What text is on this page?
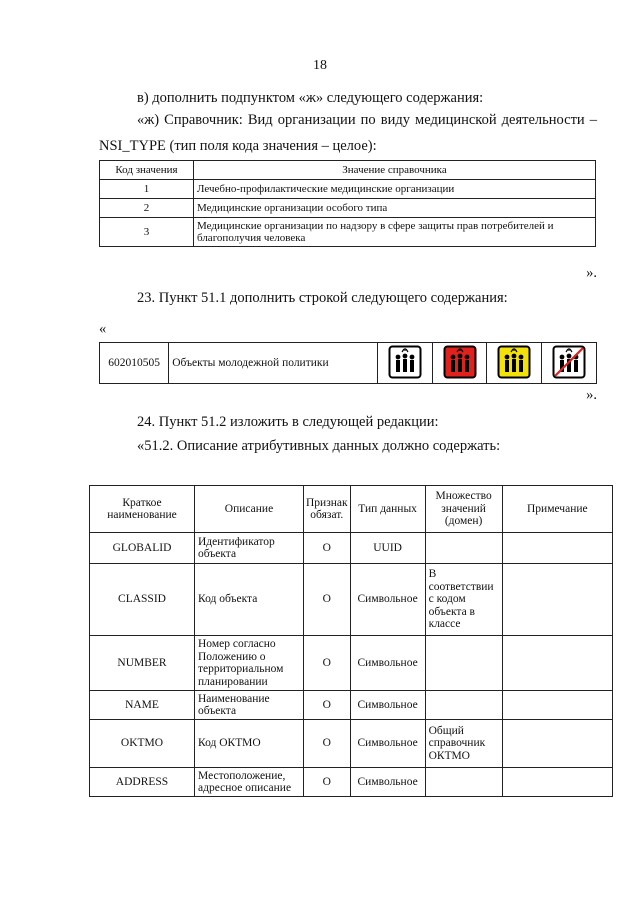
18
в) дополнить подпунктом «ж» следующего содержания:
«ж) Справочник: Вид организации по виду медицинской деятельности –
NSI_TYPE (тип поля кода значения – целое):
Код значения	Значение справочника
1	Лечебно-профилактические медицинские организации
2	Медицинские организации особого типа
3	Медицинские организации по надзору в сфере защиты прав потребителей и благополучия человека
».
23. Пункт 51.1 дополнить строкой следующего содержания:
«
602010505	Объекты молодежной политики				
».
24. Пункт 51.2 изложить в следующей редакции:
«51.2. Описание атрибутивных данных должно содержать:
Краткое наименование	Описание	Признак обязат.	Тип данных	Множество значений (домен)	Примечание
GLOBALID	Идентификатор объекта	О	UUID		
CLASSID	Код объекта	О	Символьное	В соответствии с кодом объекта в классе	
NUMBER	Номер согласно Положению о территориальном планировании	О	Символьное		
NAME	Наименование объекта	О	Символьное		
OKTMO	Код ОКТМО	О	Символьное	Общий справочник ОКТМО	
ADDRESS	Местоположение, адресное описание	О	Символьное		
